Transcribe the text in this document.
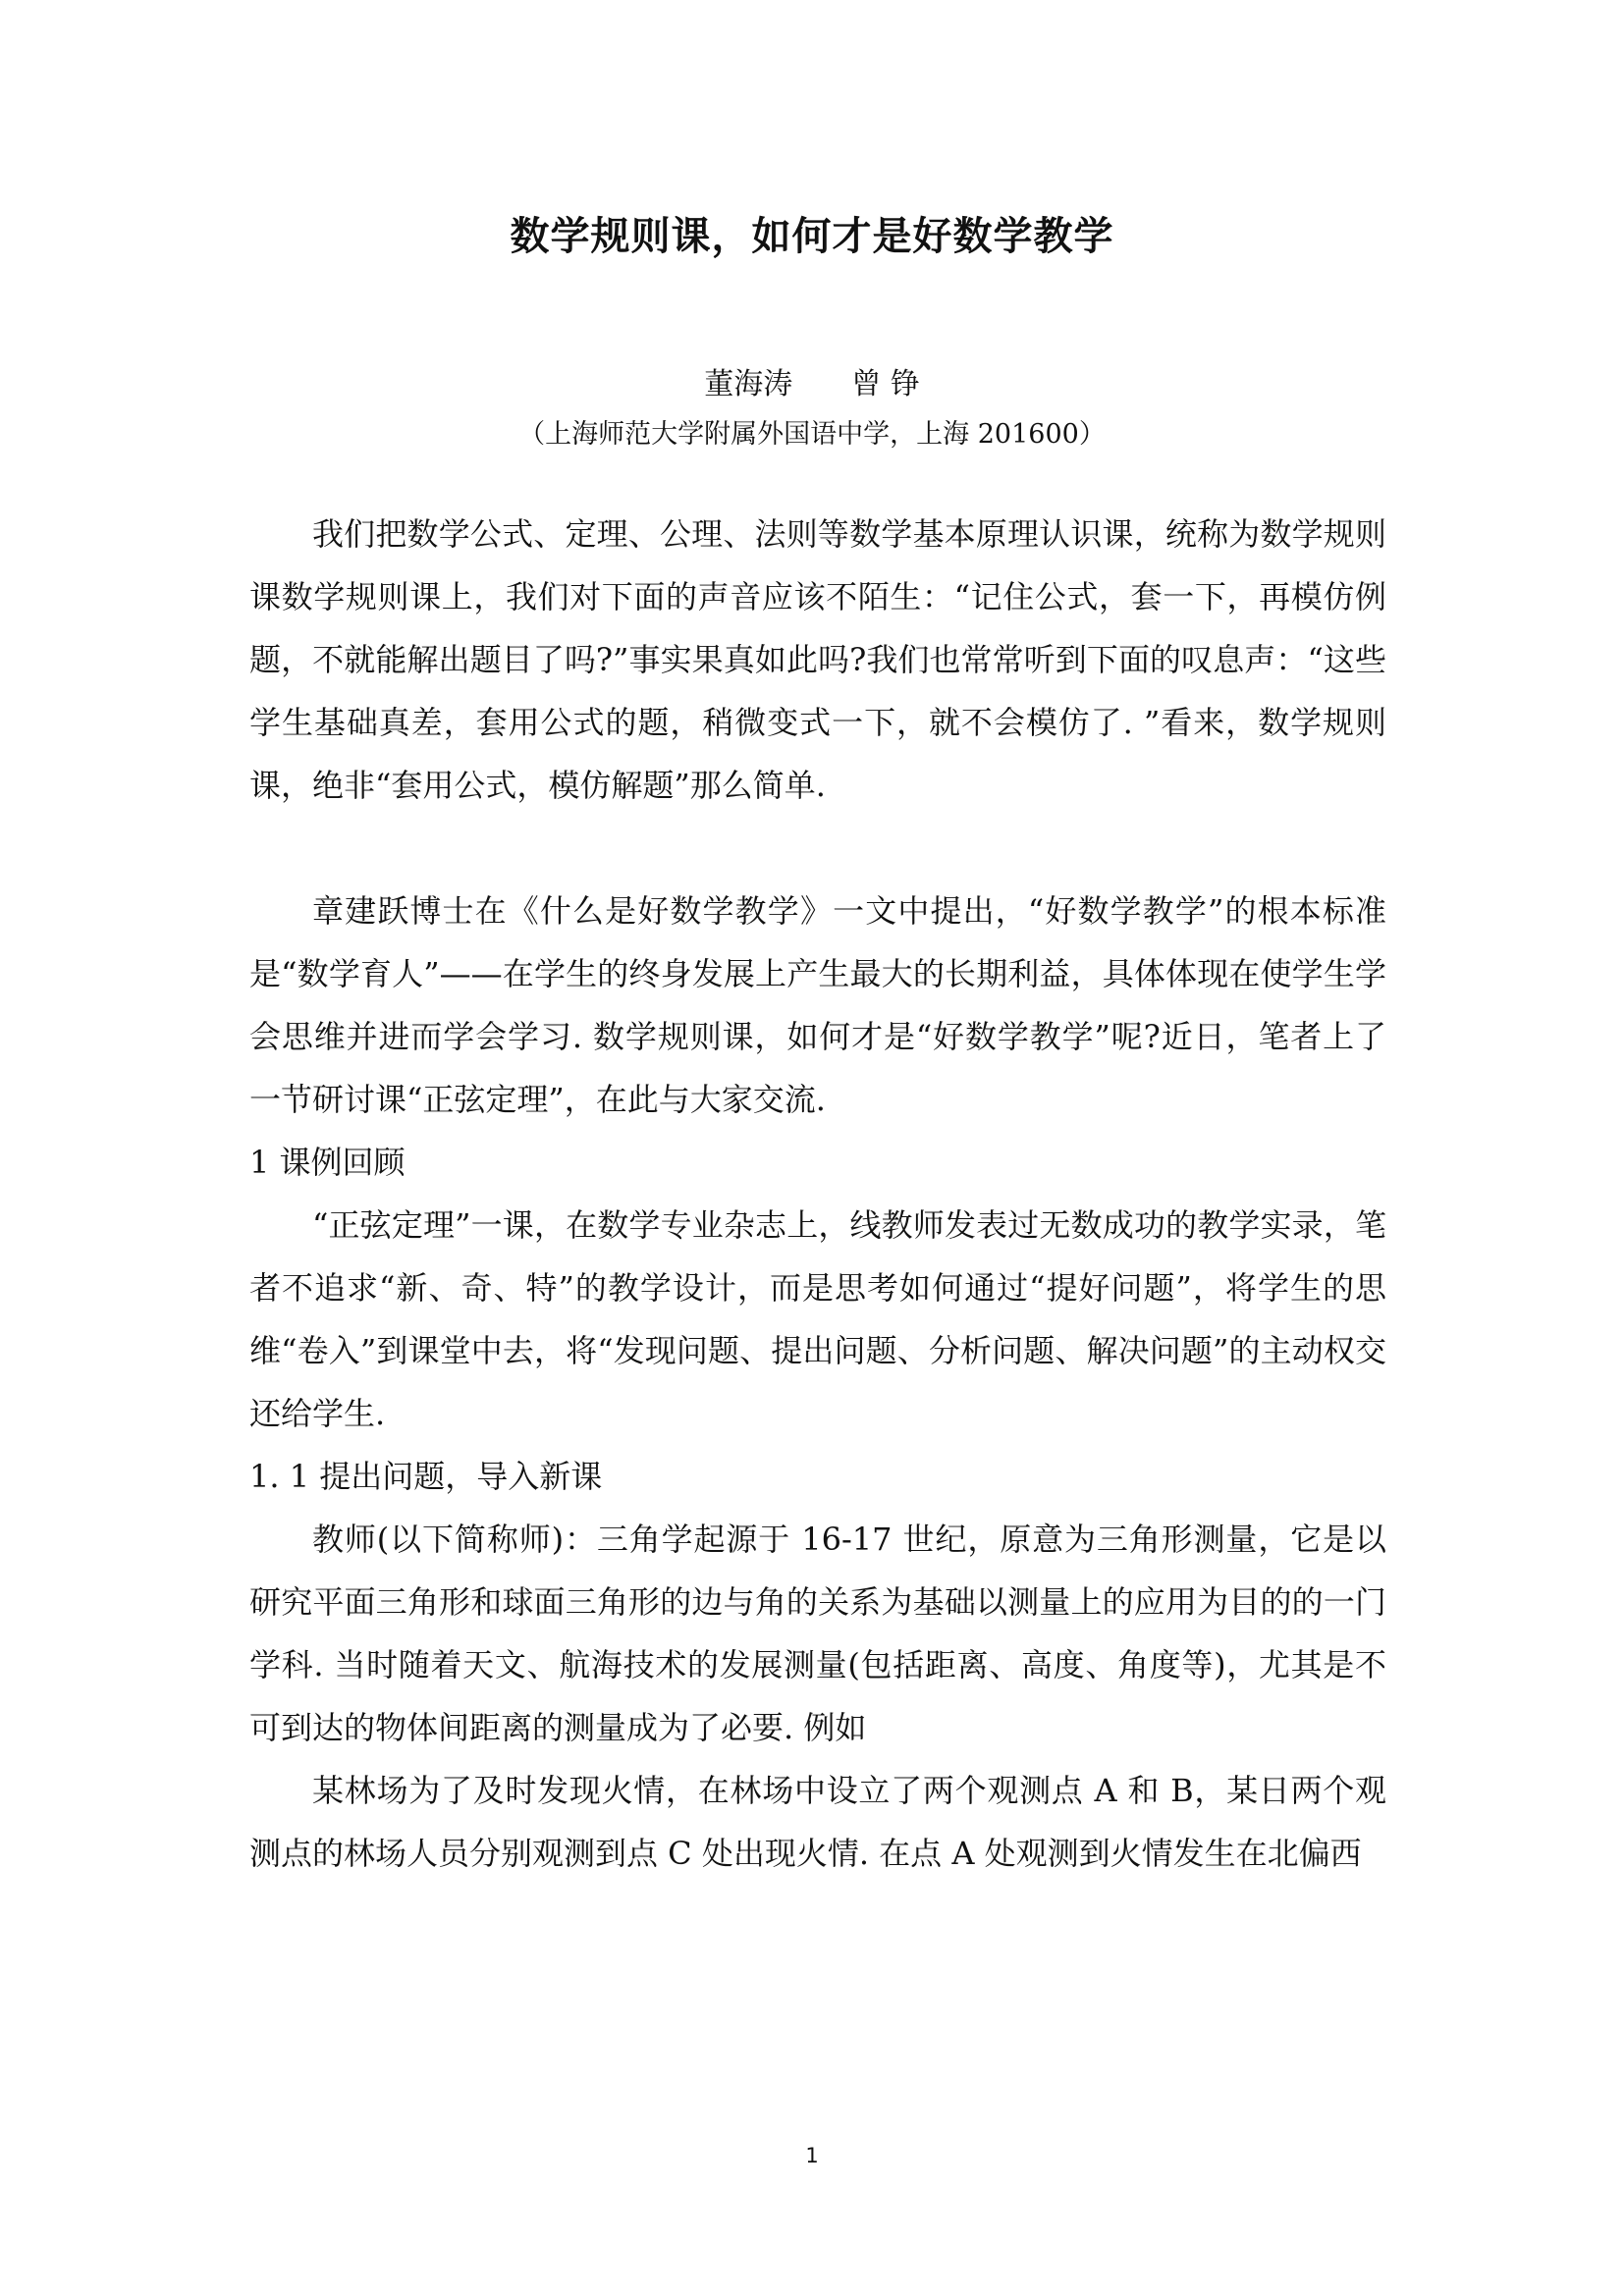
数学规则课，如何才是好数学教学
董海涛　　曾 铮
（上海师范大学附属外国语中学，上海 201600）

我们把数学公式、定理、公理、法则等数学基本原理认识课，统称为数学规则课数学规则课上，我们对下面的声音应该不陌生：“记住公式，套一下，再模仿例题，不就能解出题目了吗?”事实果真如此吗?我们也常常听到下面的叹息声：“这些学生基础真差，套用公式的题，稍微变式一下，就不会模仿了. ”看来，数学规则课，绝非“套用公式，模仿解题”那么简单.

章建跃博士在《什么是好数学教学》一文中提出，“好数学教学”的根本标准是“数学育人”——在学生的终身发展上产生最大的长期利益，具体体现在使学生学会思维并进而学会学习. 数学规则课，如何才是“好数学教学”呢?近日，笔者上了一节研讨课“正弦定理”，在此与大家交流.

1 课例回顾

“正弦定理”一课，在数学专业杂志上，线教师发表过无数成功的教学实录，笔者不追求“新、奇、特”的教学设计，而是思考如何通过“提好问题”，将学生的思维“卷入”到课堂中去，将“发现问题、提出问题、分析问题、解决问题”的主动权交还给学生.

1. 1 提出问题，导入新课

教师(以下简称师)：三角学起源于 16-17 世纪，原意为三角形测量，它是以研究平面三角形和球面三角形的边与角的关系为基础以测量上的应用为目的的一门学科. 当时随着天文、航海技术的发展测量(包括距离、高度、角度等)，尤其是不可到达的物体间距离的测量成为了必要. 例如

某林场为了及时发现火情，在林场中设立了两个观测点 A 和 B，某日两个观测点的林场人员分别观测到点 C 处出现火情. 在点 A 处观测到火情发生在北偏西

1
